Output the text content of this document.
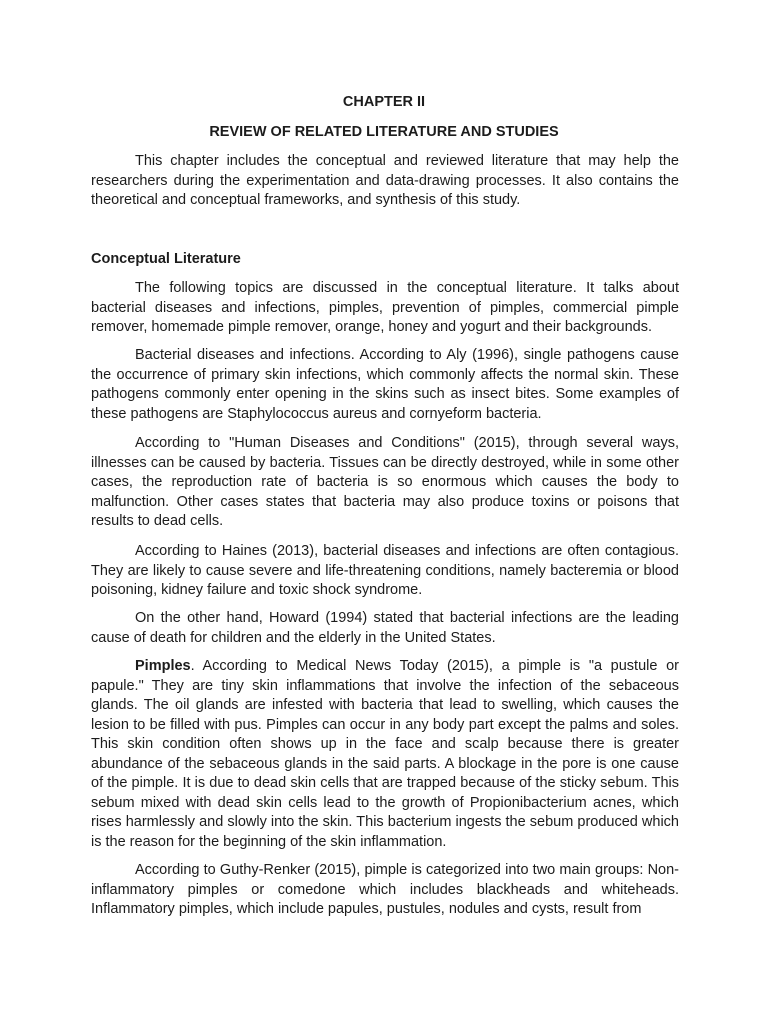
CHAPTER II
REVIEW OF RELATED LITERATURE AND STUDIES

This chapter includes the conceptual and reviewed literature that may help the researchers during the experimentation and data-drawing processes. It also contains the theoretical and conceptual frameworks, and synthesis of this study.

Conceptual Literature

The following topics are discussed in the conceptual literature. It talks about bacterial diseases and infections, pimples, prevention of pimples, commercial pimple remover, homemade pimple remover, orange, honey and yogurt and their backgrounds.

Bacterial diseases and infections. According to Aly (1996), single pathogens cause the occurrence of primary skin infections, which commonly affects the normal skin. These pathogens commonly enter opening in the skins such as insect bites. Some examples of these pathogens are Staphylococcus aureus and cornyeform bacteria.

According to "Human Diseases and Conditions" (2015), through several ways, illnesses can be caused by bacteria. Tissues can be directly destroyed, while in some other cases, the reproduction rate of bacteria is so enormous which causes the body to malfunction. Other cases states that bacteria may also produce toxins or poisons that results to dead cells.

According to Haines (2013), bacterial diseases and infections are often contagious. They are likely to cause severe and life-threatening conditions, namely bacteremia or blood poisoning, kidney failure and toxic shock syndrome.

On the other hand, Howard (1994) stated that bacterial infections are the leading cause of death for children and the elderly in the United States.

Pimples. According to Medical News Today (2015), a pimple is "a pustule or papule." They are tiny skin inflammations that involve the infection of the sebaceous glands. The oil glands are infested with bacteria that lead to swelling, which causes the lesion to be filled with pus. Pimples can occur in any body part except the palms and soles. This skin condition often shows up in the face and scalp because there is greater abundance of the sebaceous glands in the said parts. A blockage in the pore is one cause of the pimple. It is due to dead skin cells that are trapped because of the sticky sebum. This sebum mixed with dead skin cells lead to the growth of Propionibacterium acnes, which rises harmlessly and slowly into the skin. This bacterium ingests the sebum produced which is the reason for the beginning of the skin inflammation.

According to Guthy-Renker (2015), pimple is categorized into two main groups: Non-inflammatory pimples or comedone which includes blackheads and whiteheads. Inflammatory pimples, which include papules, pustules, nodules and cysts, result from
